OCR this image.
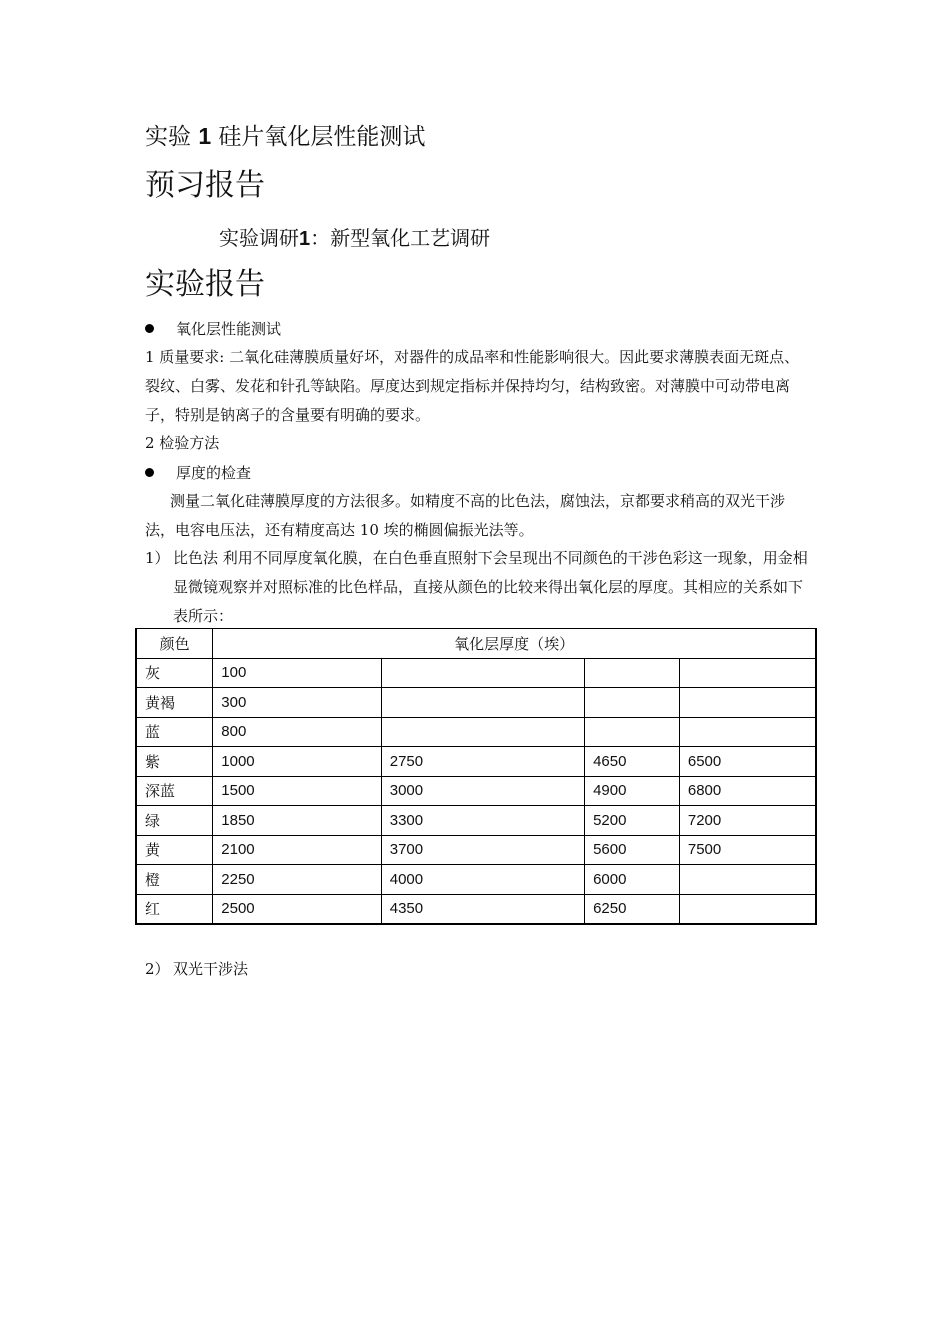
实验 1 硅片氧化层性能测试
预习报告
实验调研1：新型氧化工艺调研
实验报告
氧化层性能测试
1 质量要求: 二氧化硅薄膜质量好坏，对器件的成品率和性能影响很大。因此要求薄膜表面无斑点、裂纹、白雾、发花和针孔等缺陷。厚度达到规定指标并保持均匀，结构致密。对薄膜中可动带电离子，特别是钠离子的含量要有明确的要求。
2 检验方法
厚度的检查
测量二氧化硅薄膜厚度的方法很多。如精度不高的比色法，腐蚀法，京都要求稍高的双光干涉法，电容电压法，还有精度高达 10 埃的椭圆偏振光法等。
1） 比色法 利用不同厚度氧化膜，在白色垂直照射下会呈现出不同颜色的干涉色彩这一现象，用金相显微镜观察并对照标准的比色样品，直接从颜色的比较来得出氧化层的厚度。其相应的关系如下表所示：
颜色	氧化层厚度（埃）			
灰	100			
黄褐	300			
蓝	800			
紫	1000	2750	4650	6500
深蓝	1500	3000	4900	6800
绿	1850	3300	5200	7200
黄	2100	3700	5600	7500
橙	2250	4000	6000	
红	2500	4350	6250	
2） 双光干涉法
